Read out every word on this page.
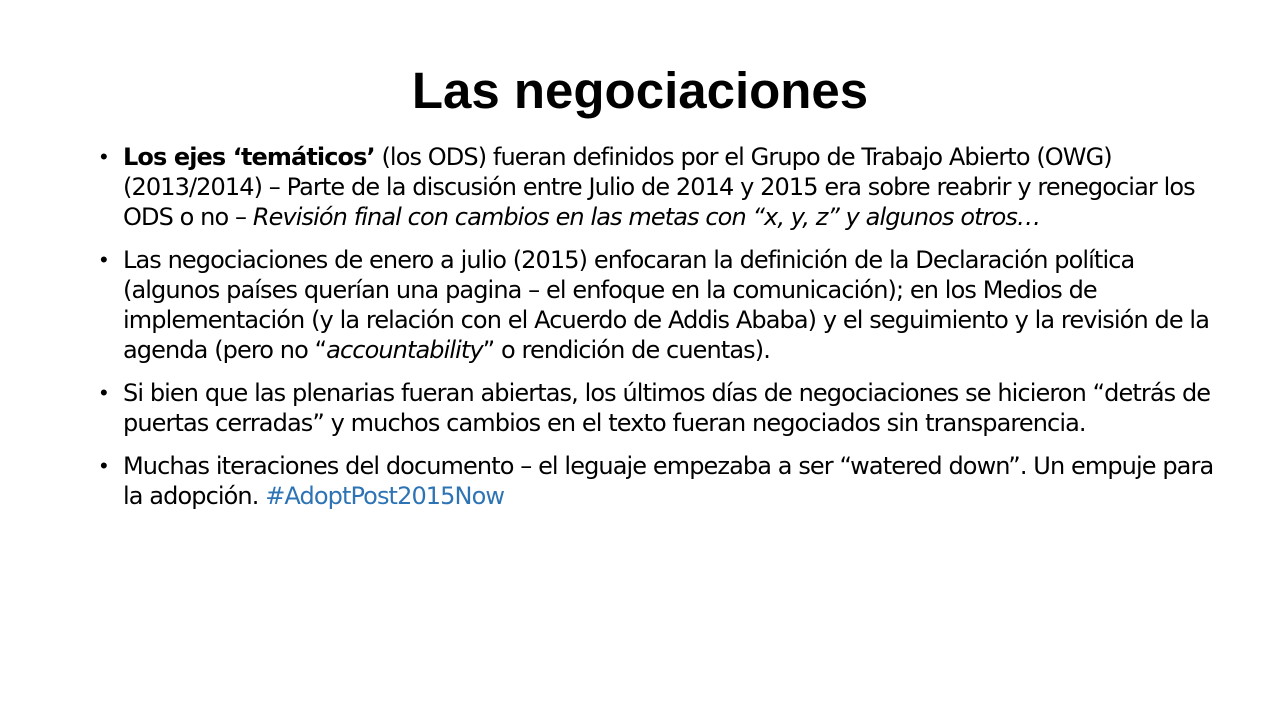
Las negociaciones
• Los ejes ‘temáticos’ (los ODS) fueran definidos por el Grupo de Trabajo Abierto (OWG) (2013/2014) – Parte de la discusión entre Julio de 2014 y 2015 era sobre reabrir y renegociar los ODS o no – Revisión final con cambios en las metas con “x, y, z” y algunos otros…
• Las negociaciones de enero a julio (2015) enfocaran la definición de la Declaración política (algunos países querían una pagina – el enfoque en la comunicación); en los Medios de implementación (y la relación con el Acuerdo de Addis Ababa) y el seguimiento y la revisión de la agenda (pero no “accountability” o rendición de cuentas).
• Si bien que las plenarias fueran abiertas, los últimos días de negociaciones se hicieron “detrás de puertas cerradas” y muchos cambios en el texto fueran negociados sin transparencia.
• Muchas iteraciones del documento – el leguaje empezaba a ser “watered down”. Un empuje para la adopción. #AdoptPost2015Now
